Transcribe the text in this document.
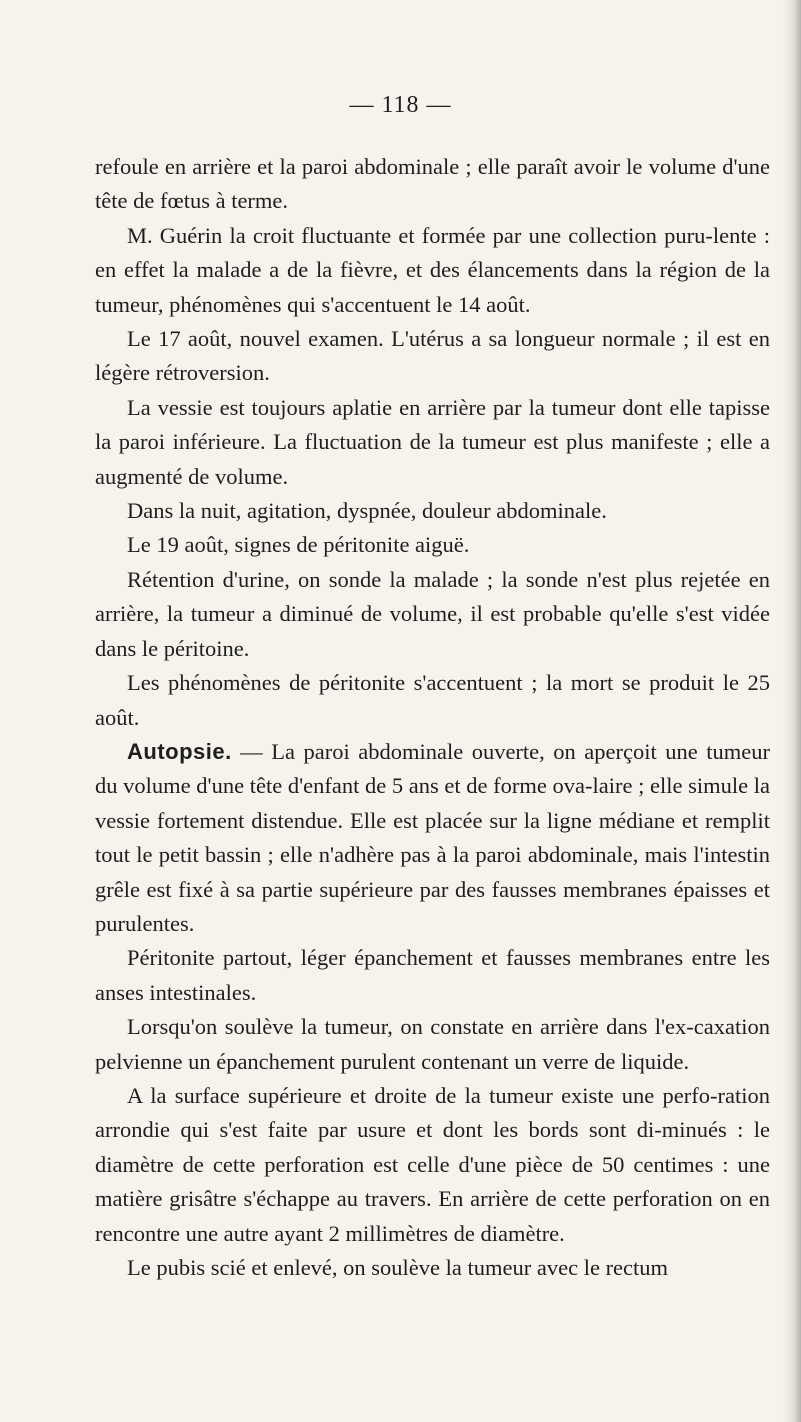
— 118 —

refoule en arrière et la paroi abdominale ; elle paraît avoir le volume d'une tête de fœtus à terme.

M. Guérin la croit fluctuante et formée par une collection puru-lente : en effet la malade a de la fièvre, et des élancements dans la région de la tumeur, phénomènes qui s'accentuent le 14 août.

Le 17 août, nouvel examen. L'utérus a sa longueur normale ; il est en légère rétroversion.

La vessie est toujours aplatie en arrière par la tumeur dont elle tapisse la paroi inférieure. La fluctuation de la tumeur est plus manifeste ; elle a augmenté de volume.

Dans la nuit, agitation, dyspnée, douleur abdominale.

Le 19 août, signes de péritonite aiguë.

Rétention d'urine, on sonde la malade ; la sonde n'est plus rejetée en arrière, la tumeur a diminué de volume, il est probable qu'elle s'est vidée dans le péritoine.

Les phénomènes de péritonite s'accentuent ; la mort se produit le 25 août.

Autopsie. — La paroi abdominale ouverte, on aperçoit une tumeur du volume d'une tête d'enfant de 5 ans et de forme ova-laire ; elle simule la vessie fortement distendue. Elle est placée sur la ligne médiane et remplit tout le petit bassin ; elle n'adhère pas à la paroi abdominale, mais l'intestin grêle est fixé à sa partie supérieure par des fausses membranes épaisses et purulentes.

Péritonite partout, léger épanchement et fausses membranes entre les anses intestinales.

Lorsqu'on soulève la tumeur, on constate en arrière dans l'ex-caxation pelvienne un épanchement purulent contenant un verre de liquide.

A la surface supérieure et droite de la tumeur existe une perfo-ration arrondie qui s'est faite par usure et dont les bords sont di-minués : le diamètre de cette perforation est celle d'une pièce de 50 centimes : une matière grisâtre s'échappe au travers. En arrière de cette perforation on en rencontre une autre ayant 2 millimètres de diamètre.

Le pubis scié et enlevé, on soulève la tumeur avec le rectum
